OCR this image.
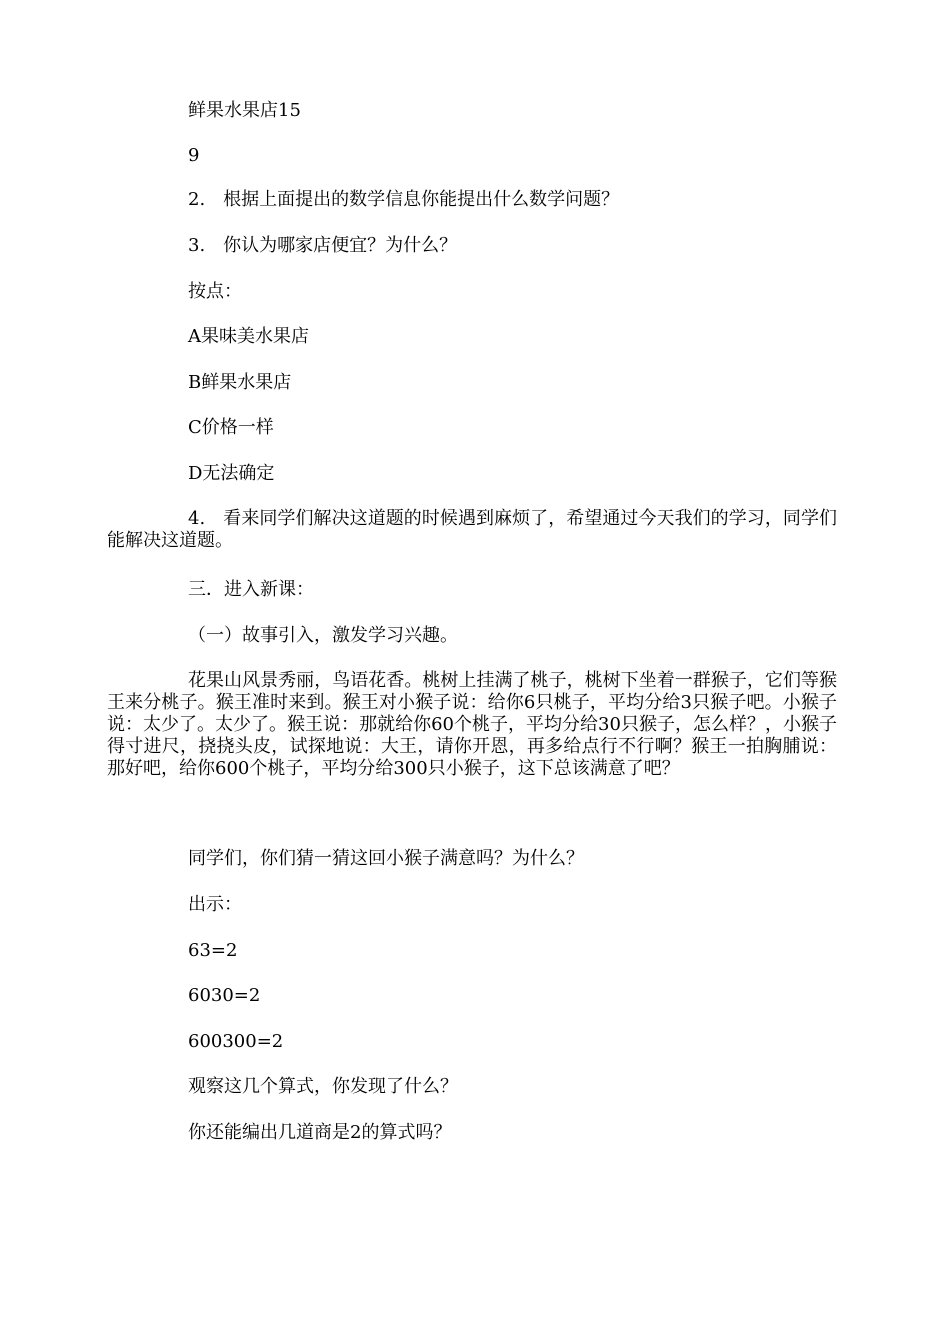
鲜果水果店15
9
2.　根据上面提出的数学信息你能提出什么数学问题？
3.　你认为哪家店便宜？为什么？
按点：
A果味美水果店
B鲜果水果店
C价格一样
D无法确定
4.　看来同学们解决这道题的时候遇到麻烦了，希望通过今天我们的学习，同学们能解决这道题。
三．进入新课：
（一）故事引入，激发学习兴趣。
花果山风景秀丽，鸟语花香。桃树上挂满了桃子，桃树下坐着一群猴子，它们等猴王来分桃子。猴王准时来到。猴王对小猴子说：给你6只桃子，平均分给3只猴子吧。小猴子说：太少了。太少了。猴王说：那就给你60个桃子，平均分给30只猴子，怎么样？，小猴子得寸进尺，挠挠头皮，试探地说：大王，请你开恩，再多给点行不行啊？猴王一拍胸脯说：那好吧，给你600个桃子，平均分给300只小猴子，这下总该满意了吧？
同学们，你们猜一猜这回小猴子满意吗？为什么？
出示：
63=2
6030=2
600300=2
观察这几个算式，你发现了什么？
你还能编出几道商是2的算式吗？
